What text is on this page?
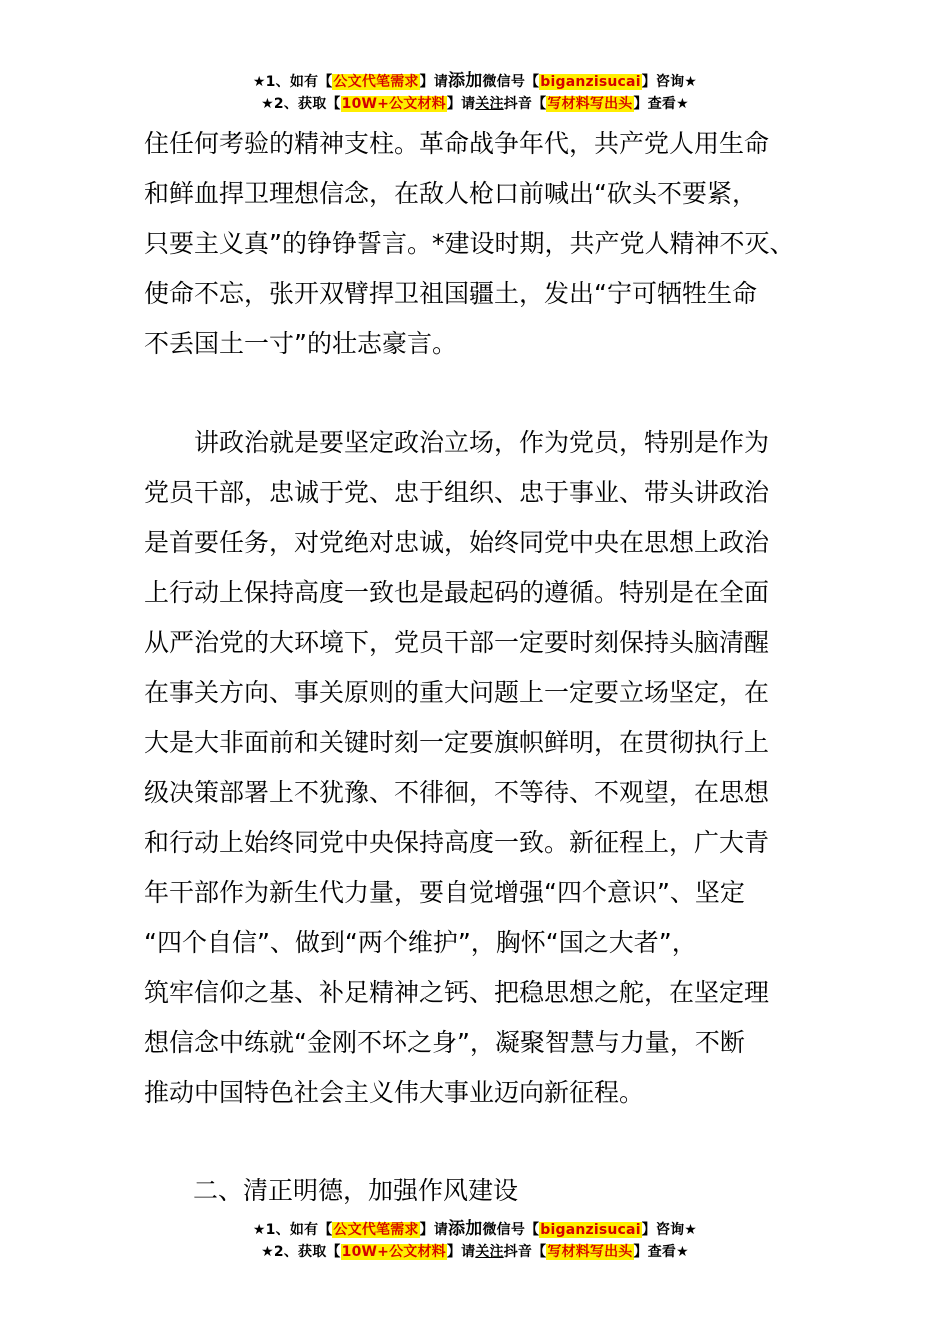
★1、如有【公文代笔需求】请添加微信号【biganzisucai】咨询★
★2、获取【10W+公文材料】请关注抖音【写材料写出头】查看★
住任何考验的精神支柱。革命战争年代，共产党人用生命
和鲜血捍卫理想信念，在敌人枪口前喊出“砍头不要紧，
只要主义真”的铮铮誓言。*建设时期，共产党人精神不灭、
使命不忘，张开双臂捍卫祖国疆土，发出“宁可牺牲生命
不丢国土一寸”的壮志豪言。
讲政治就是要坚定政治立场，作为党员，特别是作为
党员干部，忠诚于党、忠于组织、忠于事业、带头讲政治
是首要任务，对党绝对忠诚，始终同党中央在思想上政治
上行动上保持高度一致也是最起码的遵循。特别是在全面
从严治党的大环境下，党员干部一定要时刻保持头脑清醒
在事关方向、事关原则的重大问题上一定要立场坚定，在
大是大非面前和关键时刻一定要旗帜鲜明，在贯彻执行上
级决策部署上不犹豫、不徘徊，不等待、不观望，在思想
和行动上始终同党中央保持高度一致。新征程上，广大青
年干部作为新生代力量，要自觉增强“四个意识”、坚定
“四个自信”、做到“两个维护”，胸怀“国之大者”，
筑牢信仰之基、补足精神之钙、把稳思想之舵，在坚定理
想信念中练就“金刚不坏之身”，凝聚智慧与力量，不断
推动中国特色社会主义伟大事业迈向新征程。
二、清正明德，加强作风建设
★1、如有【公文代笔需求】请添加微信号【biganzisucai】咨询★
★2、获取【10W+公文材料】请关注抖音【写材料写出头】查看★
